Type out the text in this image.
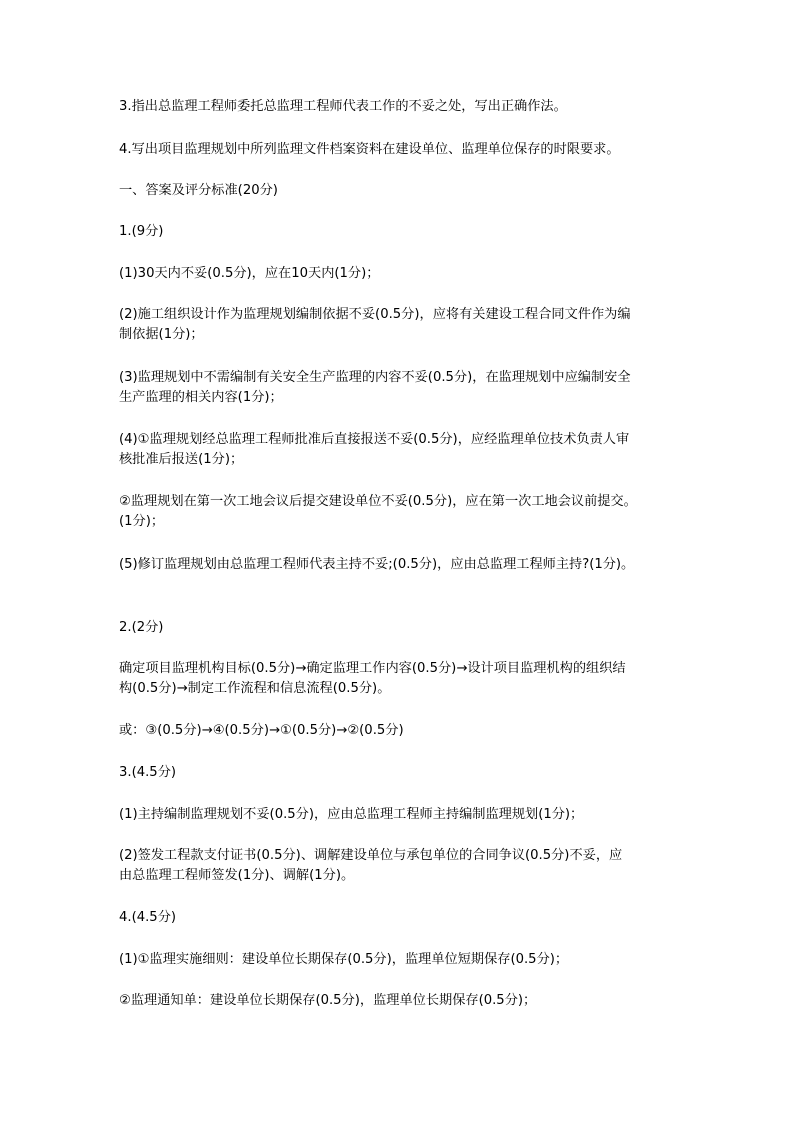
3.指出总监理工程师委托总监理工程师代表工作的不妥之处，写出正确作法。
4.写出项目监理规划中所列监理文件档案资料在建设单位、监理单位保存的时限要求。
一、答案及评分标准(20分)
1.(9分)
(1)30天内不妥(0.5分)，应在10天内(1分)；
(2)施工组织设计作为监理规划编制依据不妥(0.5分)，应将有关建设工程合同文件作为编
制依据(1分)；
(3)监理规划中不需编制有关安全生产监理的内容不妥(0.5分)，在监理规划中应编制安全
生产监理的相关内容(1分)；
(4)①监理规划经总监理工程师批准后直接报送不妥(0.5分)，应经监理单位技术负责人审
核批准后报送(1分)；
②监理规划在第一次工地会议后提交建设单位不妥(0.5分)，应在第一次工地会议前提交。
(1分)；
(5)修订监理规划由总监理工程师代表主持不妥;(0.5分)，应由总监理工程师主持?(1分)。
2.(2分)
确定项目监理机构目标(0.5分)→确定监理工作内容(0.5分)→设计项目监理机构的组织结
构(0.5分)→制定工作流程和信息流程(0.5分)。
或：③(0.5分)→④(0.5分)→①(0.5分)→②(0.5分)
3.(4.5分)
(1)主持编制监理规划不妥(0.5分)，应由总监理工程师主持编制监理规划(1分)；
(2)签发工程款支付证书(0.5分)、调解建设单位与承包单位的合同争议(0.5分)不妥，应
由总监理工程师签发(1分)、调解(1分)。
4.(4.5分)
(1)①监理实施细则：建设单位长期保存(0.5分)，监理单位短期保存(0.5分)；
②监理通知单：建设单位长期保存(0.5分)，监理单位长期保存(0.5分)；
